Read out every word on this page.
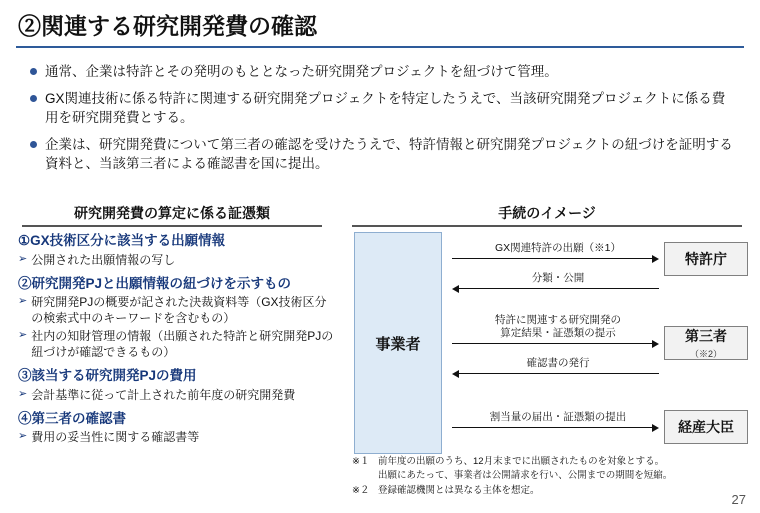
②関連する研究開発費の確認
通常、企業は特許とその発明のもととなった研究開発プロジェクトを紐づけて管理。
GX関連技術に係る特許に関連する研究開発プロジェクトを特定したうえで、当該研究開発プロジェクトに係る費用を研究開発費とする。
企業は、研究開発費について第三者の確認を受けたうえで、特許情報と研究開発プロジェクトの紐づけを証明する資料と、当該第三者による確認書を国に提出。
研究開発費の算定に係る証憑類	手続のイメージ
①GX技術区分に該当する出願情報
➢ 公開された出願情報の写し
②研究開発PJと出願情報の紐づけを示すもの
➢ 研究開発PJの概要が記された決裁資料等（GX技術区分の検索式中のキーワードを含むもの）
➢ 社内の知財管理の情報（出願された特許と研究開発PJの紐づけが確認できるもの）
③該当する研究開発PJの費用
➢ 会計基準に従って計上された前年度の研究開発費
④第三者の確認書
➢ 費用の妥当性に関する確認書 等
事業者
特許庁
第三者
（※2）
経産大臣
GX関連特許の出願（※1）
分類・公開
特許に関連する研究開発の
算定結果・証憑類の提示
確認書の発行
割当量の届出・証憑類の提出
※１ 前年度の出願のうち、12月末までに出願されたものを対象とする。
出願にあたって、事業者は公開請求を行い、公開までの期間を短縮。
※２ 登録確認機関とは異なる主体を想定。
27
